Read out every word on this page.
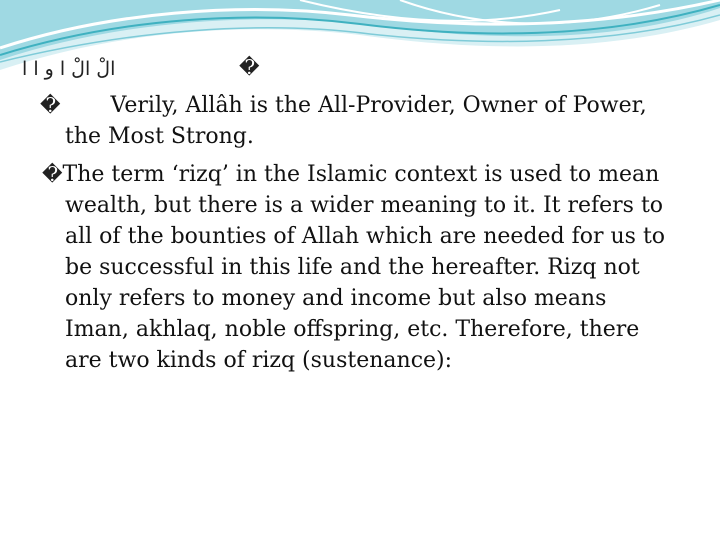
الْ الْ ا و ا ا	�
� Verily, Allâh is the All-Provider, Owner of Power,
the Most Strong.
�The term ‘rizq’ in the Islamic context is used to mean
wealth, but there is a wider meaning to it. It refers to
all of the bounties of Allah which are needed for us to
be successful in this life and the hereafter. Rizq not
only refers to money and income but also means
Iman, akhlaq, noble offspring, etc. Therefore, there
are two kinds of rizq (sustenance):
